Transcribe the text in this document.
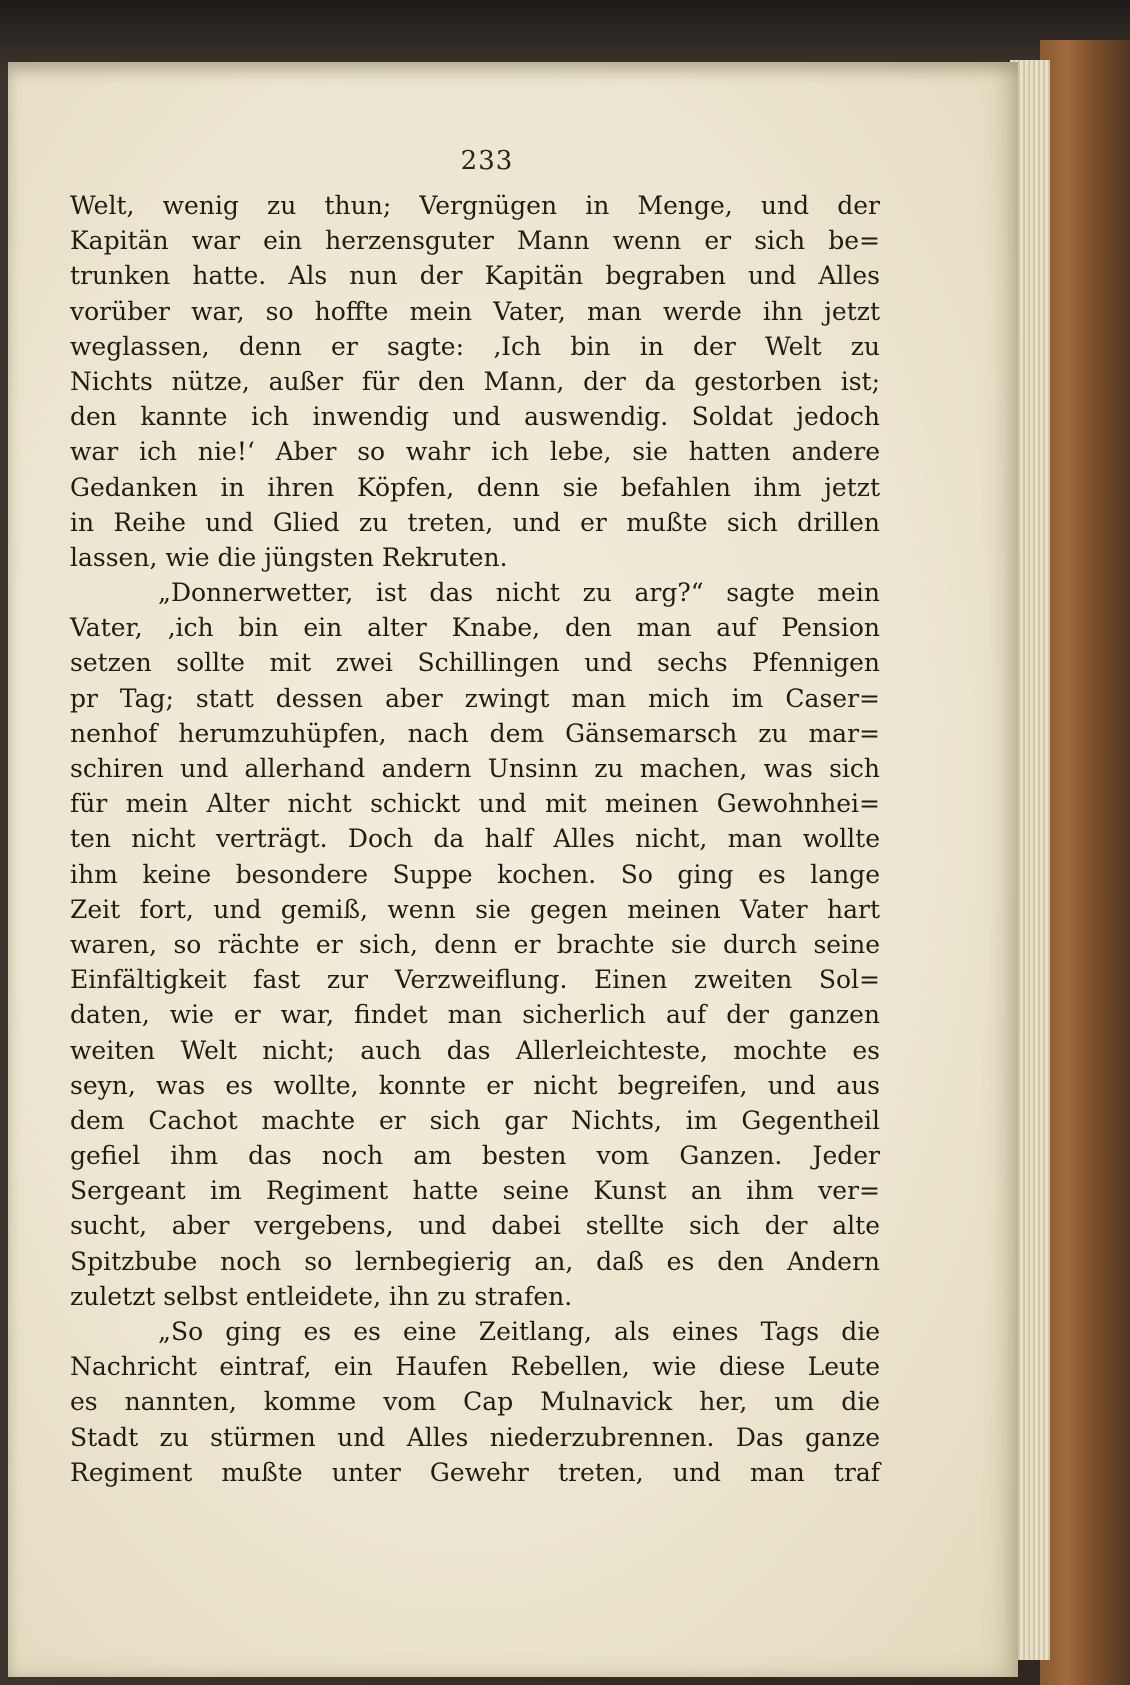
233
Welt, wenig zu thun; Vergnügen in Menge, und der
Kapitän war ein herzensguter Mann wenn er sich be=
trunken hatte. Als nun der Kapitän begraben und Alles
vorüber war, so hoffte mein Vater, man werde ihn jetzt
weglassen, denn er sagte: ‚Ich bin in der Welt zu
Nichts nütze, außer für den Mann, der da gestorben ist;
den kannte ich inwendig und auswendig. Soldat jedoch
war ich nie!‘ Aber so wahr ich lebe, sie hatten andere
Gedanken in ihren Köpfen, denn sie befahlen ihm jetzt
in Reihe und Glied zu treten, und er mußte sich drillen
lassen, wie die jüngsten Rekruten.
„Donnerwetter, ist das nicht zu arg?“ sagte mein
Vater, ‚ich bin ein alter Knabe, den man auf Pension
setzen sollte mit zwei Schillingen und sechs Pfennigen
pr Tag; statt dessen aber zwingt man mich im Caser=
nenhof herumzuhüpfen, nach dem Gänsemarsch zu mar=
schiren und allerhand andern Unsinn zu machen, was sich
für mein Alter nicht schickt und mit meinen Gewohnhei=
ten nicht verträgt. Doch da half Alles nicht, man wollte
ihm keine besondere Suppe kochen. So ging es lange
Zeit fort, und gemiß, wenn sie gegen meinen Vater hart
waren, so rächte er sich, denn er brachte sie durch seine
Einfältigkeit fast zur Verzweiflung. Einen zweiten Sol=
daten, wie er war, findet man sicherlich auf der ganzen
weiten Welt nicht; auch das Allerleichteste, mochte es
seyn, was es wollte, konnte er nicht begreifen, und aus
dem Cachot machte er sich gar Nichts, im Gegentheil
gefiel ihm das noch am besten vom Ganzen. Jeder
Sergeant im Regiment hatte seine Kunst an ihm ver=
sucht, aber vergebens, und dabei stellte sich der alte
Spitzbube noch so lernbegierig an, daß es den Andern
zuletzt selbst entleidete, ihn zu strafen.
„So ging es es eine Zeitlang, als eines Tags die
Nachricht eintraf, ein Haufen Rebellen, wie diese Leute
es nannten, komme vom Cap Mulnavick her, um die
Stadt zu stürmen und Alles niederzubrennen. Das ganze
Regiment mußte unter Gewehr treten, und man traf
